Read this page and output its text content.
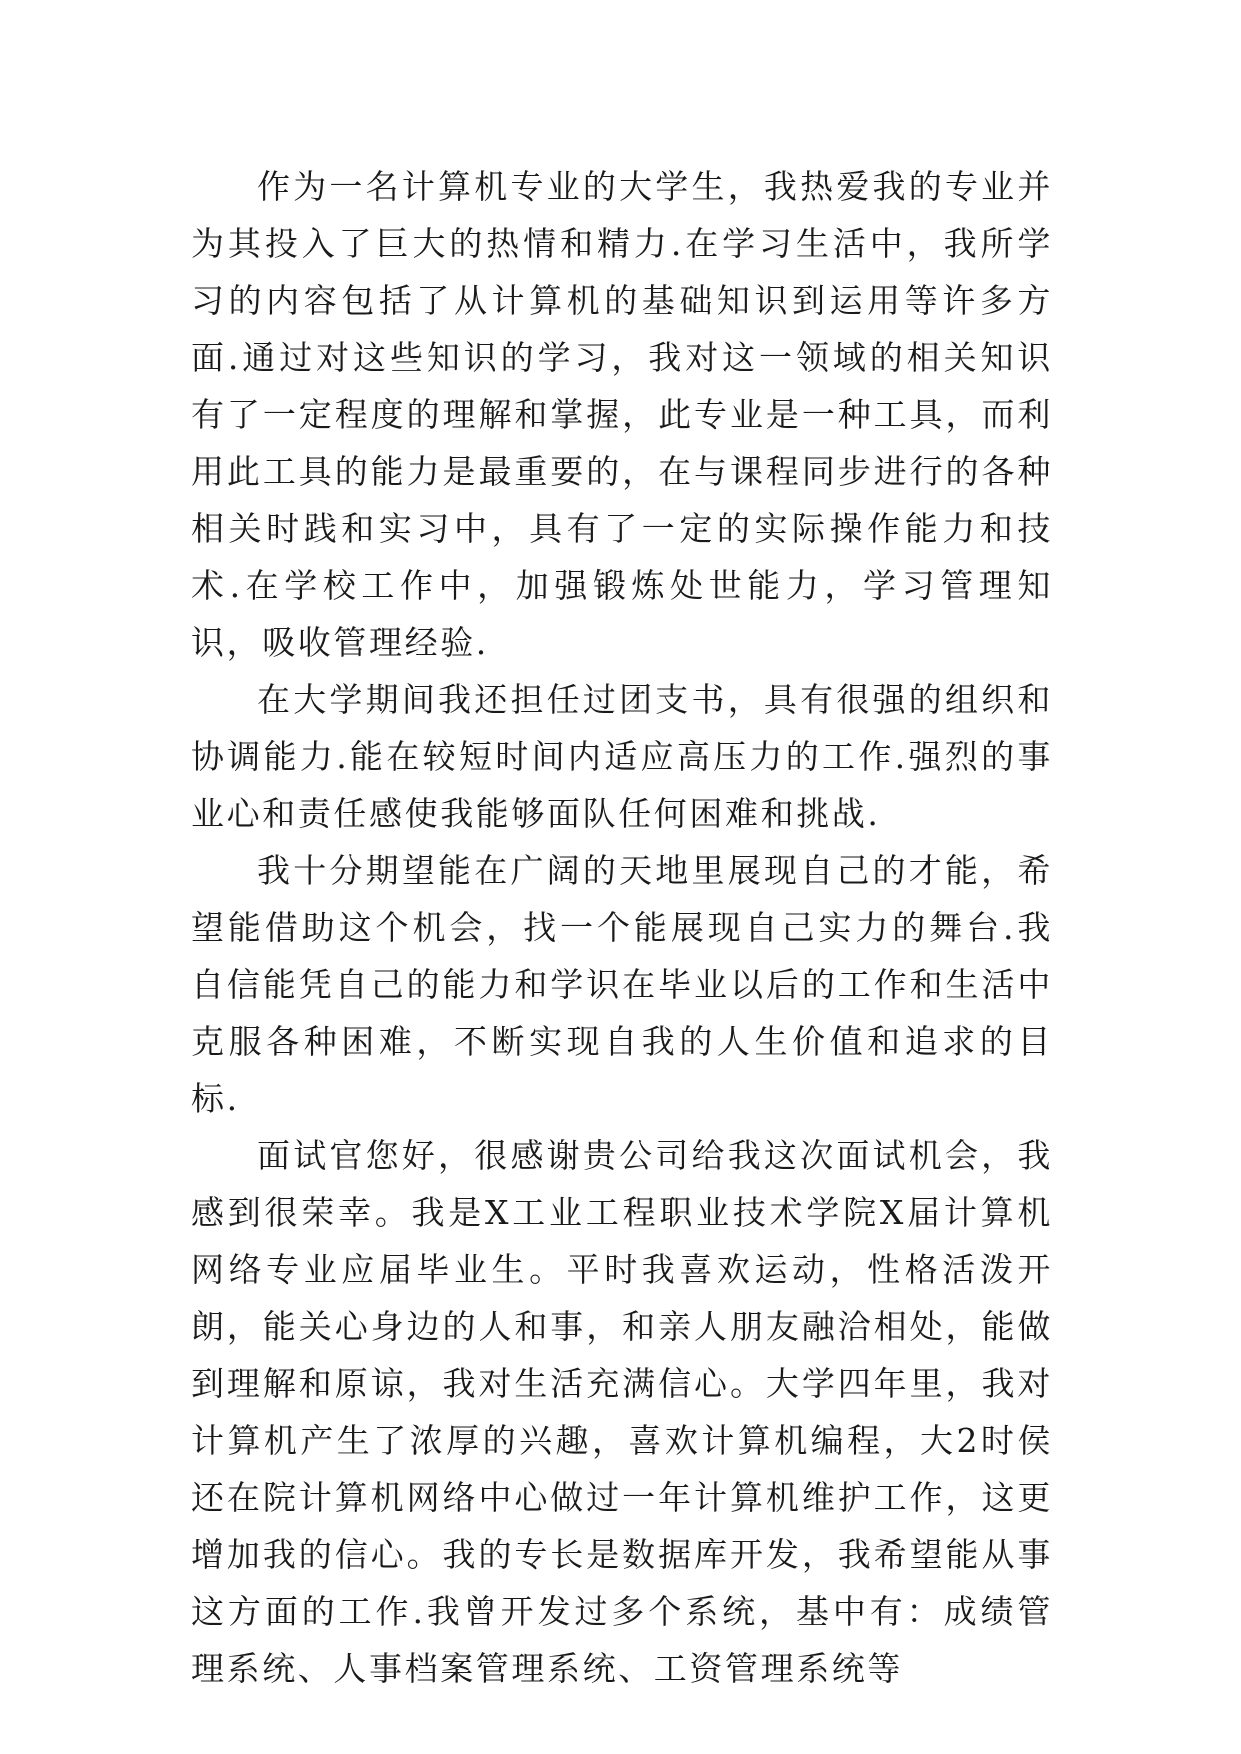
作为一名计算机专业的大学生，我热爱我的专业并为其投入了巨大的热情和精力.在学习生活中，我所学习的内容包括了从计算机的基础知识到运用等许多方面.通过对这些知识的学习，我对这一领域的相关知识有了一定程度的理解和掌握，此专业是一种工具，而利用此工具的能力是最重要的，在与课程同步进行的各种相关时践和实习中，具有了一定的实际操作能力和技术.在学校工作中，加强锻炼处世能力，学习管理知识，吸收管理经验.

在大学期间我还担任过团支书，具有很强的组织和协调能力.能在较短时间内适应高压力的工作.强烈的事业心和责任感使我能够面队任何困难和挑战.

我十分期望能在广阔的天地里展现自己的才能，希望能借助这个机会，找一个能展现自己实力的舞台.我自信能凭自己的能力和学识在毕业以后的工作和生活中克服各种困难，不断实现自我的人生价值和追求的目标.

面试官您好，很感谢贵公司给我这次面试机会，我感到很荣幸。我是X工业工程职业技术学院X届计算机网络专业应届毕业生。平时我喜欢运动，性格活泼开朗，能关心身边的人和事，和亲人朋友融洽相处，能做到理解和原谅，我对生活充满信心。大学四年里，我对计算机产生了浓厚的兴趣，喜欢计算机编程，大2时侯还在院计算机网络中心做过一年计算机维护工作，这更增加我的信心。我的专长是数据库开发，我希望能从事这方面的工作.我曾开发过多个系统，基中有：成绩管理系统、人事档案管理系统、工资管理系统等
